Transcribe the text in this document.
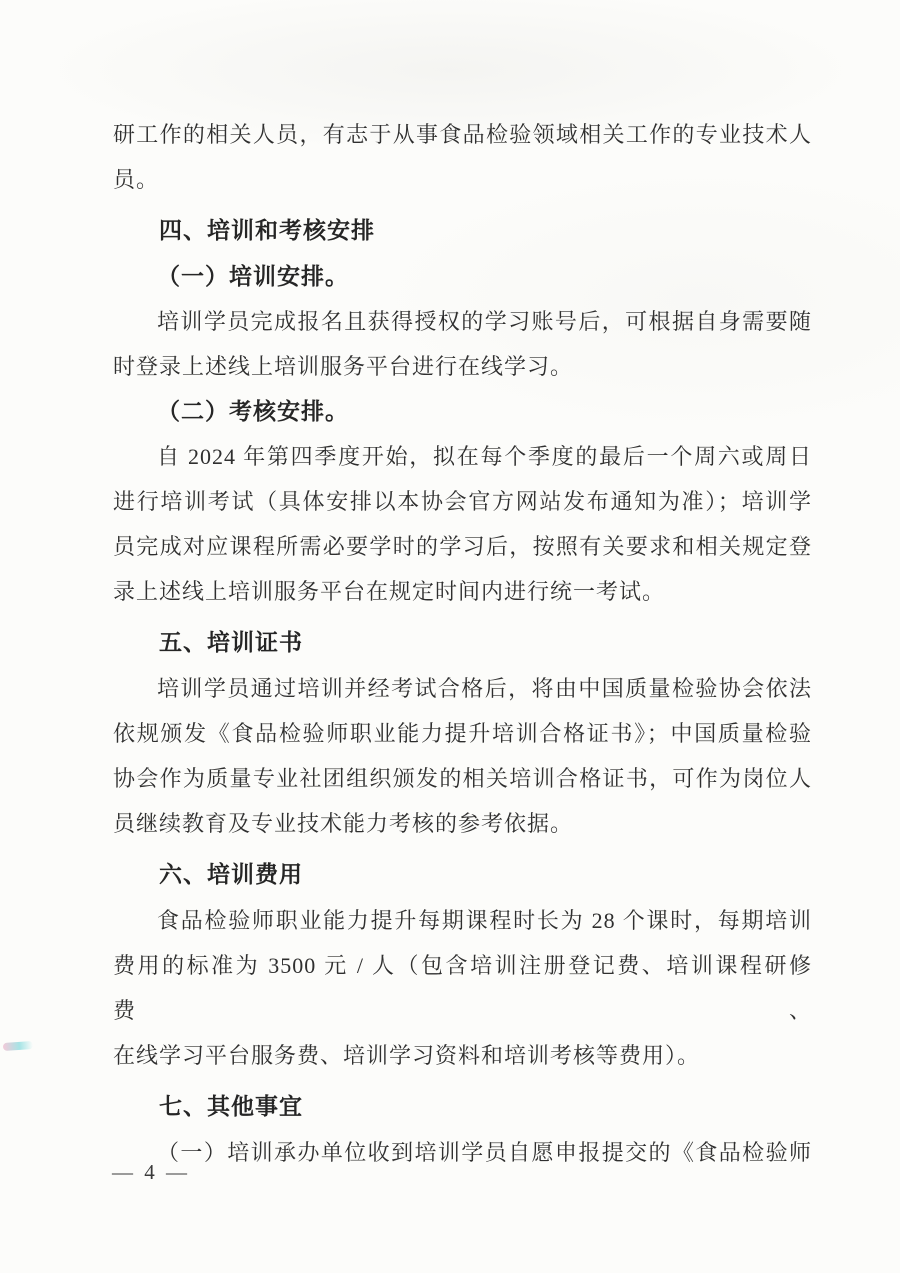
研工作的相关人员，有志于从事食品检验领域相关工作的专业技术人
员。
四、培训和考核安排
（一）培训安排。
培训学员完成报名且获得授权的学习账号后，可根据自身需要随
时登录上述线上培训服务平台进行在线学习。
（二）考核安排。
自 2024 年第四季度开始，拟在每个季度的最后一个周六或周日
进行培训考试（具体安排以本协会官方网站发布通知为准）；培训学
员完成对应课程所需必要学时的学习后，按照有关要求和相关规定登
录上述线上培训服务平台在规定时间内进行统一考试。
五、培训证书
培训学员通过培训并经考试合格后，将由中国质量检验协会依法
依规颁发《食品检验师职业能力提升培训合格证书》；中国质量检验
协会作为质量专业社团组织颁发的相关培训合格证书，可作为岗位人
员继续教育及专业技术能力考核的参考依据。
六、培训费用
食品检验师职业能力提升每期课程时长为 28 个课时，每期培训
费用的标准为 3500 元 / 人（包含培训注册登记费、培训课程研修费、
在线学习平台服务费、培训学习资料和培训考核等费用）。
七、其他事宜
（一）培训承办单位收到培训学员自愿申报提交的《食品检验师
— 4 —
